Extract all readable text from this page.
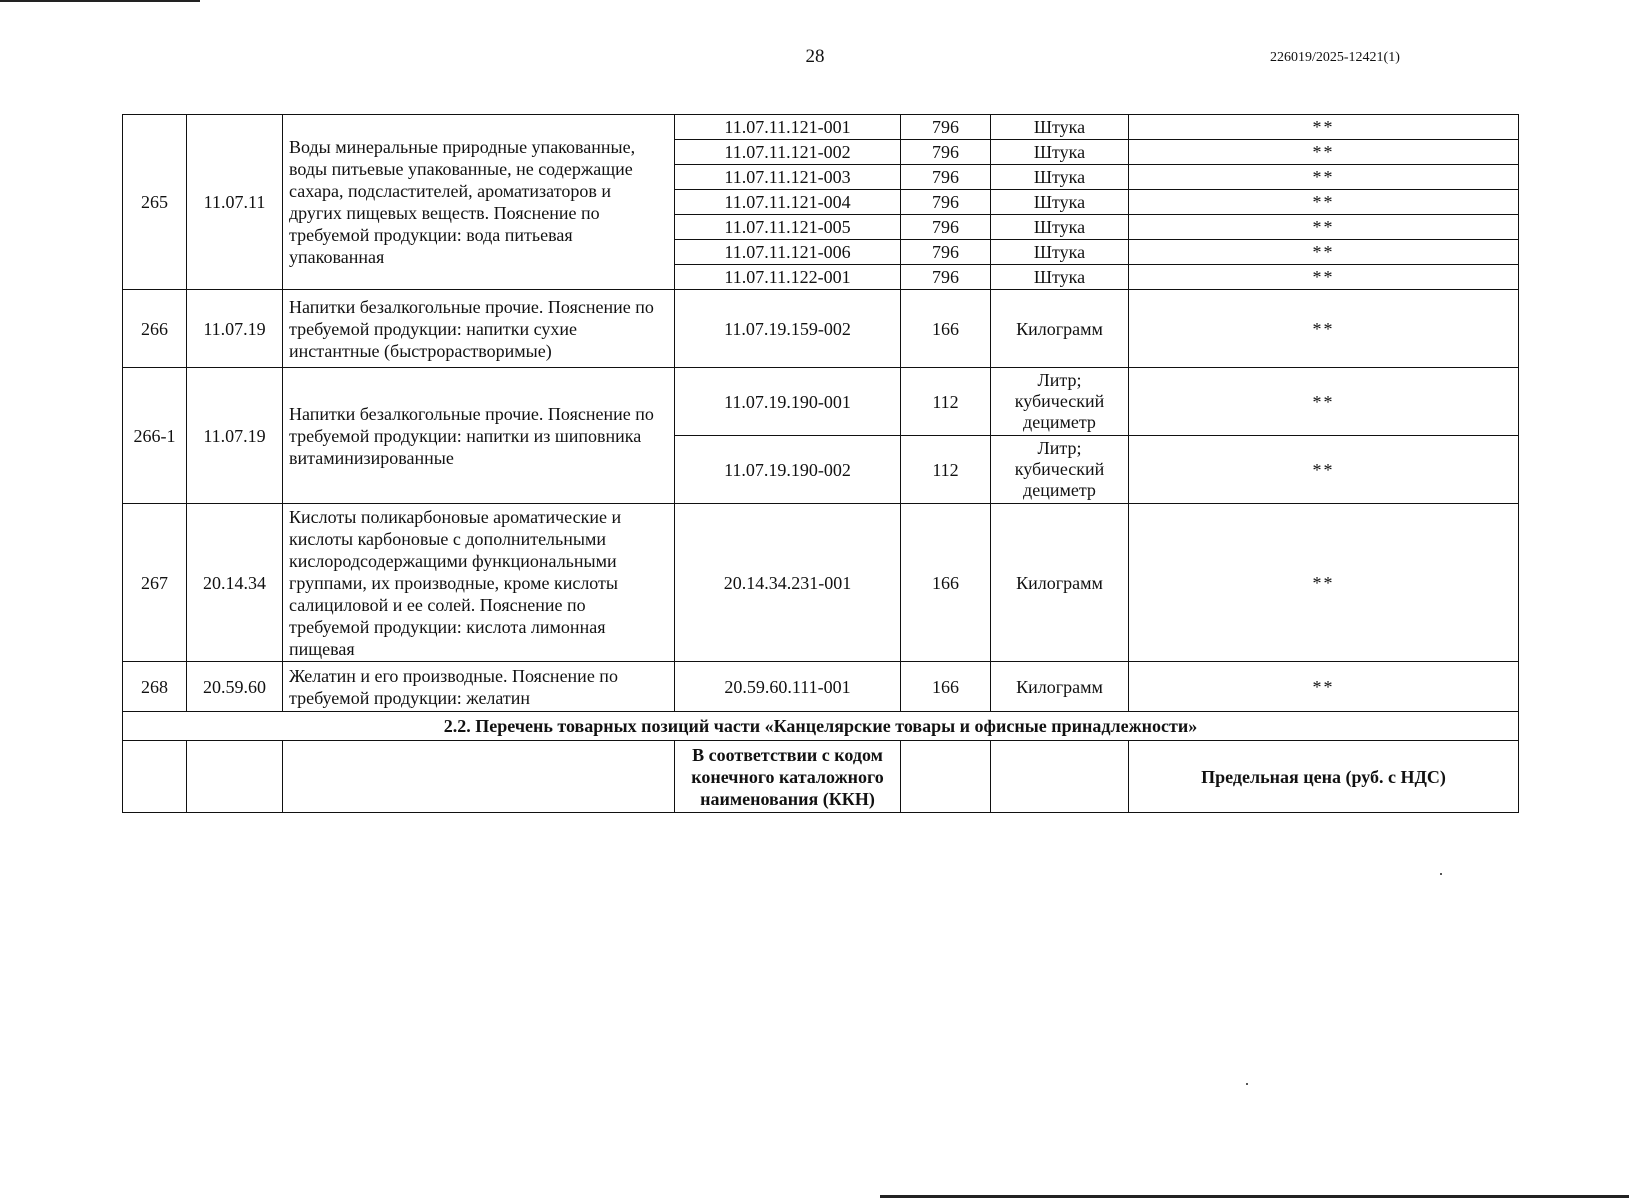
28	226019/2025-12421(1)
265	11.07.11	Воды минеральные природные упакованные, воды питьевые упакованные, не содержащие сахара, подсластителей, ароматизаторов и других пищевых веществ. Пояснение по требуемой продукции: вода питьевая упакованная	11.07.11.121-001	796	Штука	**
			11.07.11.121-002	796	Штука	**
			11.07.11.121-003	796	Штука	**
			11.07.11.121-004	796	Штука	**
			11.07.11.121-005	796	Штука	**
			11.07.11.121-006	796	Штука	**
			11.07.11.122-001	796	Штука	**
266	11.07.19	Напитки безалкогольные прочие. Пояснение по требуемой продукции: напитки сухие инстантные (быстрорастворимые)	11.07.19.159-002	166	Килограмм	**
266-1	11.07.19	Напитки безалкогольные прочие. Пояснение по требуемой продукции: напитки из шиповника витаминизированные	11.07.19.190-001	112	Литр; кубический дециметр	**
			11.07.19.190-002	112	Литр; кубический дециметр	**
267	20.14.34	Кислоты поликарбоновые ароматические и кислоты карбоновые с дополнительными кислородсодержащими функциональными группами, их производные, кроме кислоты салициловой и ее солей. Пояснение по требуемой продукции: кислота лимонная пищевая	20.14.34.231-001	166	Килограмм	**
268	20.59.60	Желатин и его производные. Пояснение по требуемой продукции: желатин	20.59.60.111-001	166	Килограмм	**
2.2. Перечень товарных позиций части «Канцелярские товары и офисные принадлежности»						
			В соответствии с кодом конечного каталожного наименования (ККН)			Предельная цена (руб. с НДС)
